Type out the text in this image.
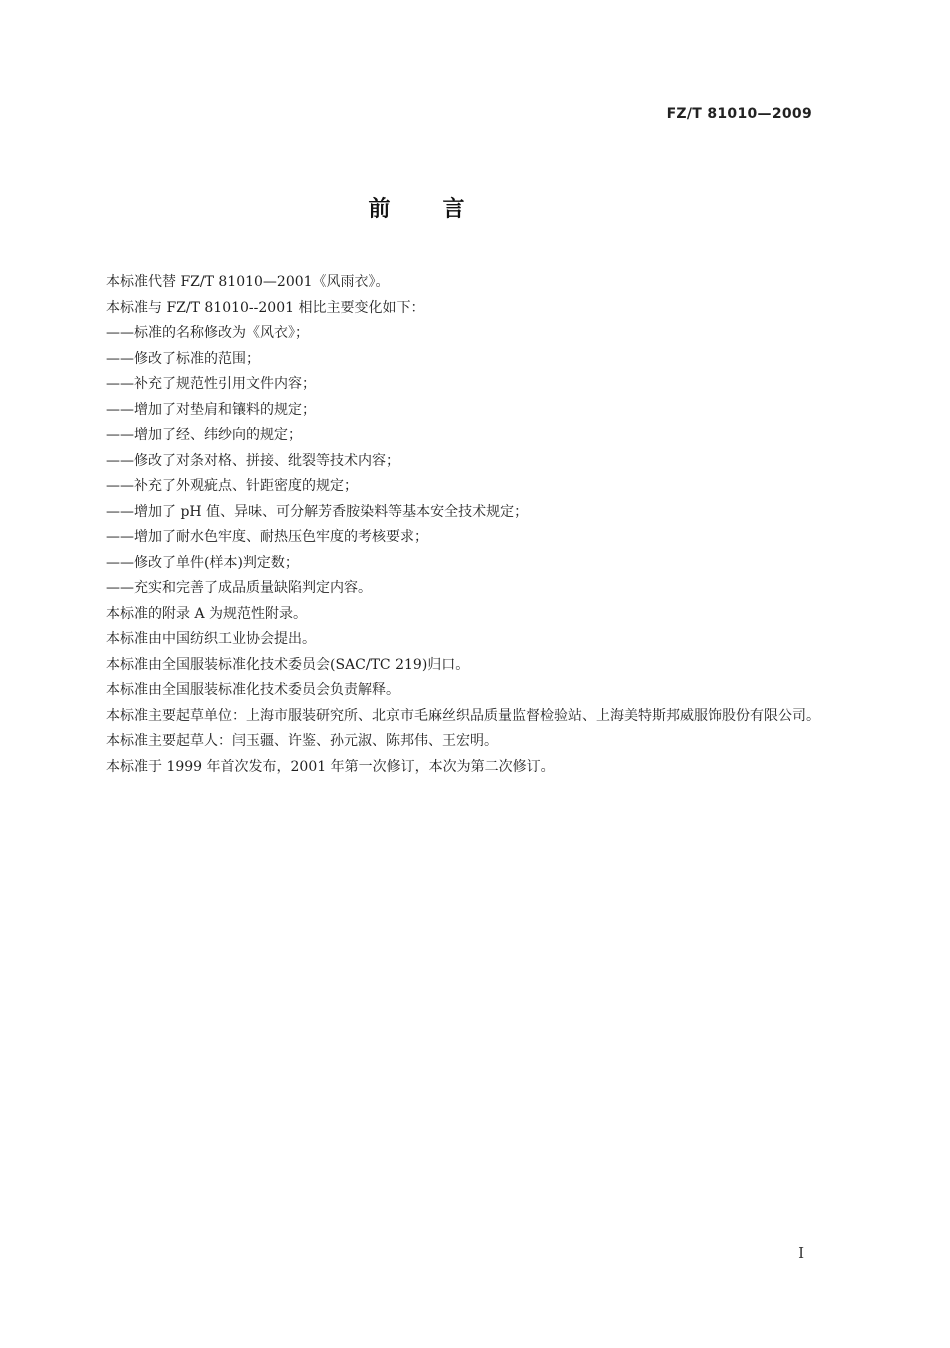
FZ/T 81010—2009
前言

本标准代替 FZ/T 81010—2001《风雨衣》。

本标准与 FZ/T 81010--2001 相比主要变化如下：

——标准的名称修改为《风衣》；

——修改了标准的范围；

——补充了规范性引用文件内容；

——增加了对垫肩和镶料的规定；

——增加了经、纬纱向的规定；

——修改了对条对格、拼接、纰裂等技术内容；

——补充了外观疵点、针距密度的规定；

——增加了 pH 值、异味、可分解芳香胺染料等基本安全技术规定；

——增加了耐水色牢度、耐热压色牢度的考核要求；

——修改了单件(样本)判定数；

——充实和完善了成品质量缺陷判定内容。

本标准的附录 A 为规范性附录。

本标准由中国纺织工业协会提出。

本标准由全国服装标准化技术委员会(SAC/TC 219)归口。

本标准由全国服装标准化技术委员会负责解释。

本标准主要起草单位：上海市服装研究所、北京市毛麻丝织品质量监督检验站、上海美特斯邦威服饰股份有限公司。

本标准主要起草人：闫玉疆、许鉴、孙元淑、陈邦伟、王宏明。

本标准于 1999 年首次发布，2001 年第一次修订，本次为第二次修订。

I
